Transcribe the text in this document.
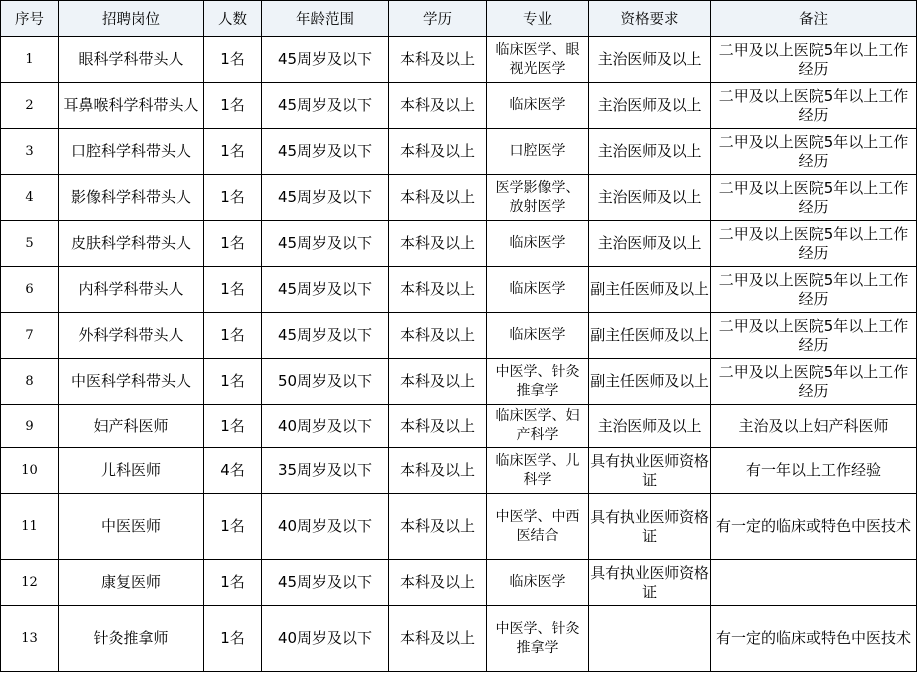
序号	招聘岗位	人数	年龄范围	学历	专业	资格要求	备注
1	眼科学科带头人	1名	45周岁及以下	本科及以上	临床医学、眼视光医学	主治医师及以上	二甲及以上医院5年以上工作经历
2	耳鼻喉科学科带头人	1名	45周岁及以下	本科及以上	临床医学	主治医师及以上	二甲及以上医院5年以上工作经历
3	口腔科学科带头人	1名	45周岁及以下	本科及以上	口腔医学	主治医师及以上	二甲及以上医院5年以上工作经历
4	影像科学科带头人	1名	45周岁及以下	本科及以上	医学影像学、放射医学	主治医师及以上	二甲及以上医院5年以上工作经历
5	皮肤科学科带头人	1名	45周岁及以下	本科及以上	临床医学	主治医师及以上	二甲及以上医院5年以上工作经历
6	内科学科带头人	1名	45周岁及以下	本科及以上	临床医学	副主任医师及以上	二甲及以上医院5年以上工作经历
7	外科学科带头人	1名	45周岁及以下	本科及以上	临床医学	副主任医师及以上	二甲及以上医院5年以上工作经历
8	中医科学科带头人	1名	50周岁及以下	本科及以上	中医学、针灸推拿学	副主任医师及以上	二甲及以上医院5年以上工作经历
9	妇产科医师	1名	40周岁及以下	本科及以上	临床医学、妇产科学	主治医师及以上	主治及以上妇产科医师
10	儿科医师	4名	35周岁及以下	本科及以上	临床医学、儿科学	具有执业医师资格证	有一年以上工作经验
11	中医医师	1名	40周岁及以下	本科及以上	中医学、中西医结合	具有执业医师资格证	有一定的临床或特色中医技术
12	康复医师	1名	45周岁及以下	本科及以上	临床医学	具有执业医师资格证	
13	针灸推拿师	1名	40周岁及以下	本科及以上	中医学、针灸推拿学		有一定的临床或特色中医技术
